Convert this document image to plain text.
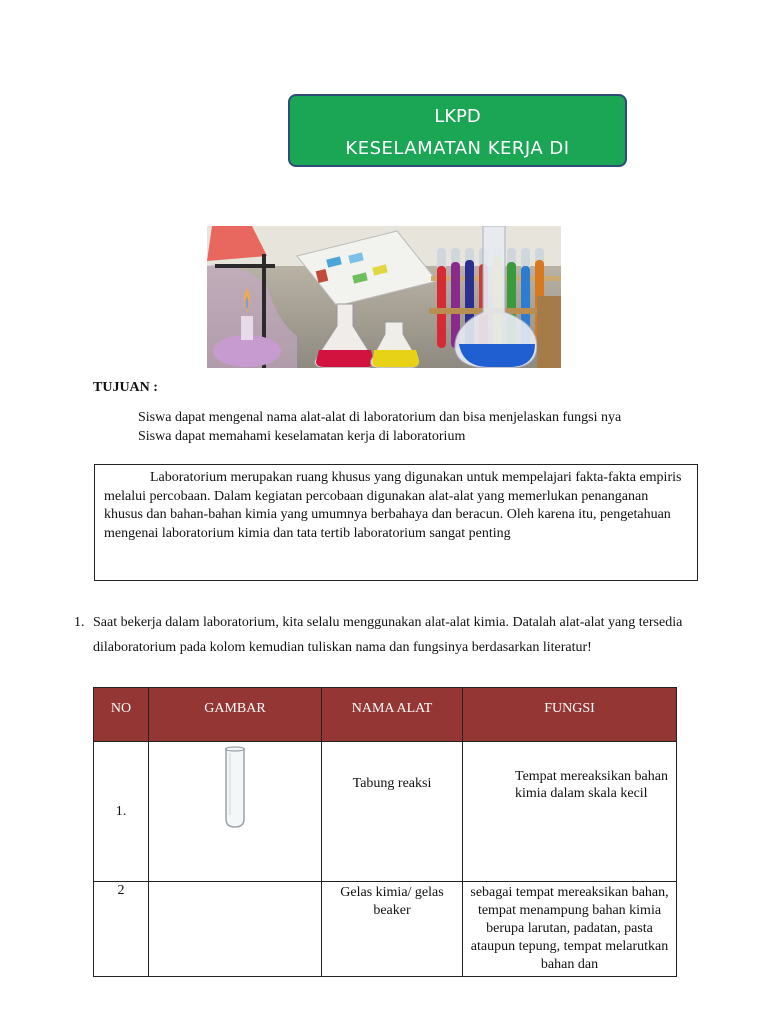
LKPD
KESELAMATAN KERJA DI
TUJUAN :
Siswa dapat mengenal nama alat-alat di laboratorium dan bisa menjelaskan fungsi nya
Siswa dapat memahami keselamatan kerja di laboratorium

Laboratorium merupakan ruang khusus yang digunakan untuk mempelajari fakta-fakta empiris melalui percobaan. Dalam kegiatan percobaan digunakan alat-alat yang memerlukan penanganan khusus dan bahan-bahan kimia yang umumnya berbahaya dan beracun. Oleh karena itu, pengetahuan mengenai laboratorium kimia dan tata tertib laboratorium sangat penting

1. Saat bekerja dalam laboratorium, kita selalu menggunakan alat-alat kimia. Datalah alat-alat yang tersedia dilaboratorium pada kolom kemudian tuliskan nama dan fungsinya berdasarkan literatur!
NO	GAMBAR	NAMA ALAT	FUNGSI
1.		Tabung reaksi	Tempat mereaksikan bahan kimia dalam skala kecil

2		Gelas kimia/ gelas beaker	sebagai tempat mereaksikan bahan, tempat menampung bahan kimia berupa larutan, padatan, pasta ataupun tepung, tempat melarutkan bahan dan
